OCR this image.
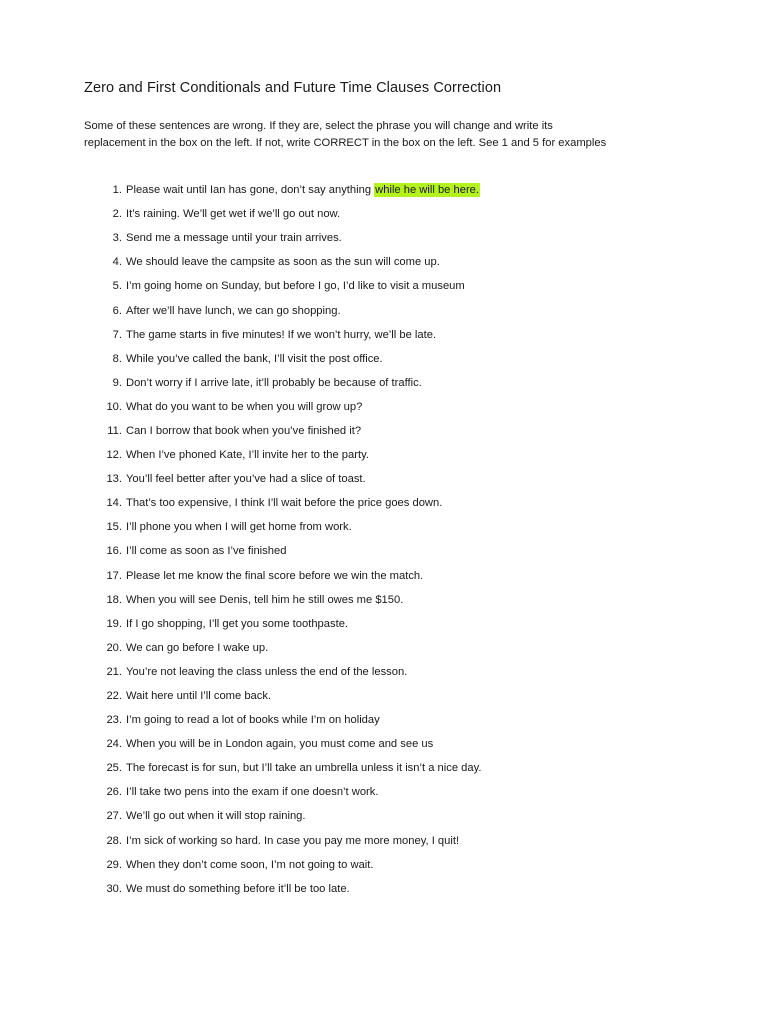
Zero and First Conditionals and Future Time Clauses Correction
Some of these sentences are wrong. If they are, select the phrase you will change and write its
replacement in the box on the left. If not, write CORRECT in the box on the left. See 1 and 5 for examples
1. Please wait until Ian has gone, don’t say anything while he will be here.
2. It’s raining. We’ll get wet if we’ll go out now.
3. Send me a message until your train arrives.
4. We should leave the campsite as soon as the sun will come up.
5. I’m going home on Sunday, but before I go, I’d like to visit a museum
6. After we’ll have lunch, we can go shopping.
7. The game starts in five minutes! If we won’t hurry, we’ll be late.
8. While you’ve called the bank, I’ll visit the post office.
9. Don’t worry if I arrive late, it’ll probably be because of traffic.
10. What do you want to be when you will grow up?
11. Can I borrow that book when you’ve finished it?
12. When I’ve phoned Kate, I’ll invite her to the party.
13. You’ll feel better after you’ve had a slice of toast.
14. That’s too expensive, I think I’ll wait before the price goes down.
15. I’ll phone you when I will get home from work.
16. I’ll come as soon as I’ve finished
17. Please let me know the final score before we win the match.
18. When you will see Denis, tell him he still owes me $150.
19. If I go shopping, I’ll get you some toothpaste.
20. We can go before I wake up.
21. You’re not leaving the class unless the end of the lesson.
22. Wait here until I’ll come back.
23. I’m going to read a lot of books while I’m on holiday
24. When you will be in London again, you must come and see us
25. The forecast is for sun, but I’ll take an umbrella unless it isn’t a nice day.
26. I’ll take two pens into the exam if one doesn’t work.
27. We’ll go out when it will stop raining.
28. I’m sick of working so hard. In case you pay me more money, I quit!
29. When they don’t come soon, I’m not going to wait.
30. We must do something before it’ll be too late.
